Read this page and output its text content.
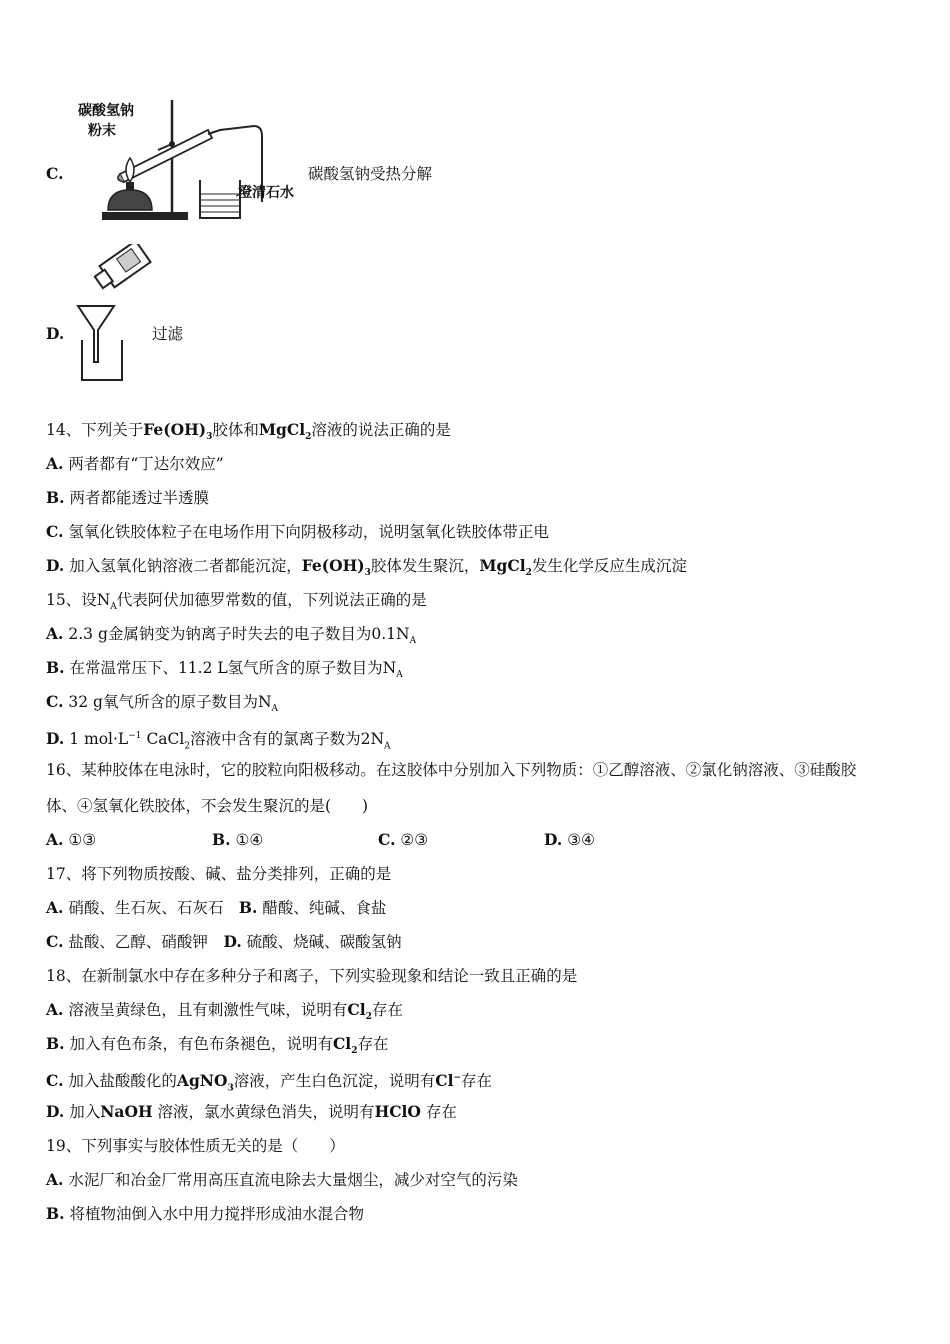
C.
碳酸氢钠
粉末
澄清石水
碳酸氢钠受热分解
D.	过滤
14、下列关于$Fe(OH)_3$胶体和MgCl$_2$溶液的说法正确的是
A. 两者都有“丁达尔效应”
B. 两者都能透过半透膜
C. 氢氧化铁胶体粒子在电场作用下向阴极移动，说明氢氧化铁胶体带正电
D. 加入氢氧化钠溶液二者都能沉淀，$Fe(OH)_3$胶体发生聚沉，MgCl$_2$发生化学反应生成沉淀
15、设$N_A$代表阿伏加德罗常数的值，下列说法正确的是
A. 2.3 g金属钠变为钠离子时失去的电子数目为$0.1N_A$
B. 在常温常压下、11.2 L氢气所含的原子数目为$N_A$
C. 32 g氧气所含的原子数目为$N_A$
D. 1 $mol\cdot L^{-1}$ CaCl$_2$溶液中含有的氯离子数为$2N_A$
16、某种胶体在电泳时，它的胶粒向阳极移动。在这胶体中分别加入下列物质：①乙醇溶液、②氯化钠溶液、③硅酸胶
体、④氢氧化铁胶体，不会发生聚沉的是(　　)
A. ①③	B. ①④	C. ②③	D. ③④
17、将下列物质按酸、碱、盐分类排列，正确的是
A. 硝酸、生石灰、石灰石　 B. 醋酸、纯碱、食盐
C. 盐酸、乙醇、硝酸钾　 D. 硫酸、烧碱、碳酸氢钠
18、在新制氯水中存在多种分子和离子，下列实验现象和结论一致且正确的是
A. 溶液呈黄绿色，且有刺激性气味，说明有$Cl_2$存在
B. 加入有色布条，有色布条褪色，说明有$Cl_2$存在
C. 加入盐酸酸化的AgNO$_3$溶液，产生白色沉淀，说明有Cl−存在
D. 加入NaOH 溶液，氯水黄绿色消失，说明有HClO 存在
19、下列事实与胶体性质无关的是（　　）
A. 水泥厂和冶金厂常用高压直流电除去大量烟尘，减少对空气的污染
B. 将植物油倒入水中用力搅拌形成油水混合物
